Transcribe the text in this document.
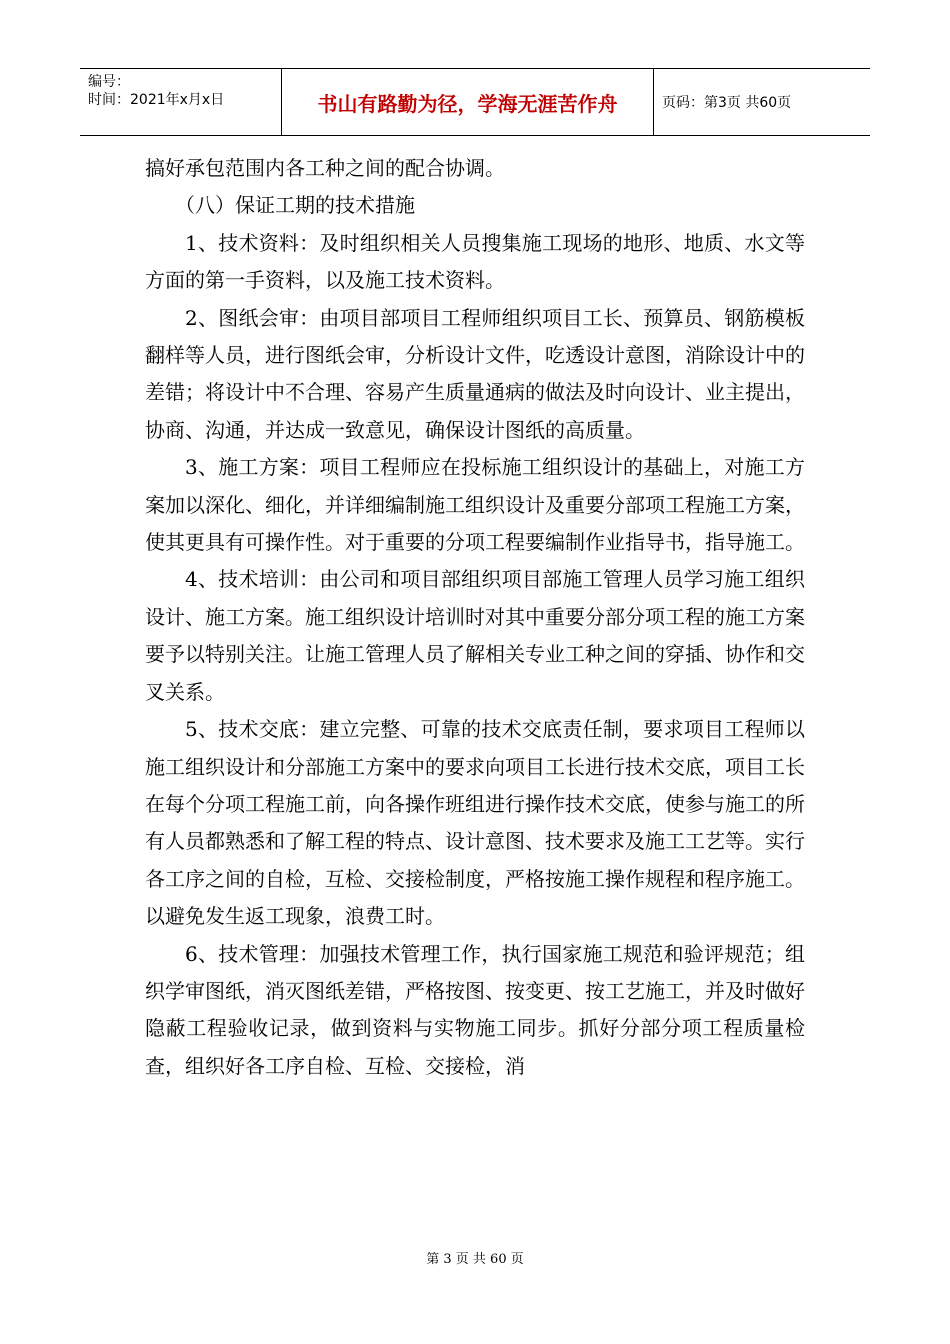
编号：
时间：2021年x月x日	书山有路勤为径，学海无涯苦作舟	页码：第3页 共60页

搞好承包范围内各工种之间的配合协调。

（八）保证工期的技术措施

1、技术资料：及时组织相关人员搜集施工现场的地形、地质、水文等方面的第一手资料，以及施工技术资料。

2、图纸会审：由项目部项目工程师组织项目工长、预算员、钢筋模板翻样等人员，进行图纸会审，分析设计文件，吃透设计意图，消除设计中的差错；将设计中不合理、容易产生质量通病的做法及时向设计、业主提出，协商、沟通，并达成一致意见，确保设计图纸的高质量。

3、施工方案：项目工程师应在投标施工组织设计的基础上，对施工方案加以深化、细化，并详细编制施工组织设计及重要分部项工程施工方案，使其更具有可操作性。对于重要的分项工程要编制作业指导书，指导施工。

4、技术培训：由公司和项目部组织项目部施工管理人员学习施工组织设计、施工方案。施工组织设计培训时对其中重要分部分项工程的施工方案要予以特别关注。让施工管理人员了解相关专业工种之间的穿插、协作和交叉关系。

5、技术交底：建立完整、可靠的技术交底责任制，要求项目工程师以施工组织设计和分部施工方案中的要求向项目工长进行技术交底，项目工长在每个分项工程施工前，向各操作班组进行操作技术交底，使参与施工的所有人员都熟悉和了解工程的特点、设计意图、技术要求及施工工艺等。实行各工序之间的自检，互检、交接检制度，严格按施工操作规程和程序施工。以避免发生返工现象，浪费工时。

6、技术管理：加强技术管理工作，执行国家施工规范和验评规范；组织学审图纸，消灭图纸差错，严格按图、按变更、按工艺施工，并及时做好隐蔽工程验收记录，做到资料与实物施工同步。抓好分部分项工程质量检查，组织好各工序自检、互检、交接检，消

第 3 页 共 60 页
